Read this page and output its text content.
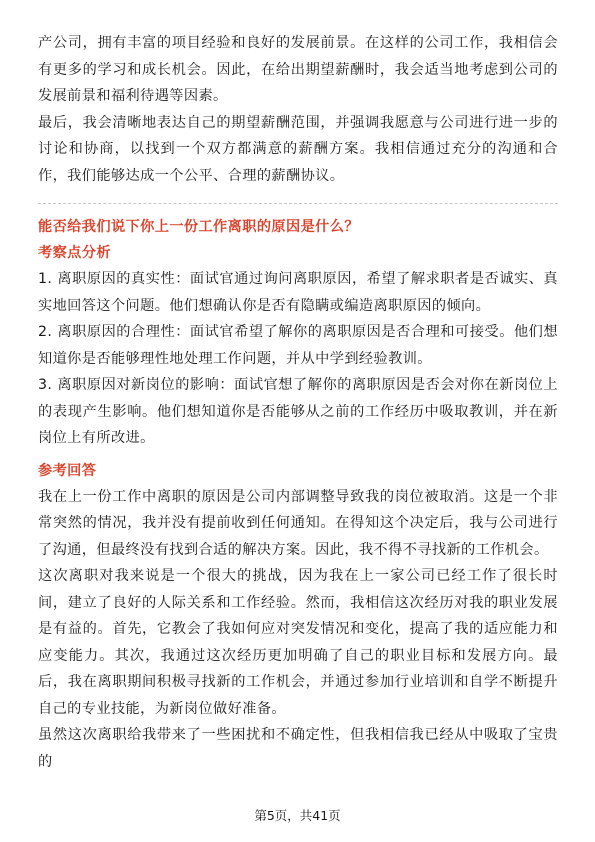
产公司，拥有丰富的项目经验和良好的发展前景。在这样的公司工作，我相信会有更多的学习和成长机会。因此，在给出期望薪酬时，我会适当地考虑到公司的发展前景和福利待遇等因素。

最后，我会清晰地表达自己的期望薪酬范围，并强调我愿意与公司进行进一步的讨论和协商，以找到一个双方都满意的薪酬方案。我相信通过充分的沟通和合作，我们能够达成一个公平、合理的薪酬协议。

能否给我们说下你上一份工作离职的原因是什么？

考察点分析

1. 离职原因的真实性：面试官通过询问离职原因，希望了解求职者是否诚实、真实地回答这个问题。他们想确认你是否有隐瞒或编造离职原因的倾向。

2. 离职原因的合理性：面试官希望了解你的离职原因是否合理和可接受。他们想知道你是否能够理性地处理工作问题，并从中学到经验教训。

3. 离职原因对新岗位的影响：面试官想了解你的离职原因是否会对你在新岗位上的表现产生影响。他们想知道你是否能够从之前的工作经历中吸取教训，并在新岗位上有所改进。

参考回答

我在上一份工作中离职的原因是公司内部调整导致我的岗位被取消。这是一个非常突然的情况，我并没有提前收到任何通知。在得知这个决定后，我与公司进行了沟通，但最终没有找到合适的解决方案。因此，我不得不寻找新的工作机会。

这次离职对我来说是一个很大的挑战，因为我在上一家公司已经工作了很长时间，建立了良好的人际关系和工作经验。然而，我相信这次经历对我的职业发展是有益的。首先，它教会了我如何应对突发情况和变化，提高了我的适应能力和应变能力。其次，我通过这次经历更加明确了自己的职业目标和发展方向。最后，我在离职期间积极寻找新的工作机会，并通过参加行业培训和自学不断提升自己的专业技能，为新岗位做好准备。

虽然这次离职给我带来了一些困扰和不确定性，但我相信我已经从中吸取了宝贵的

第5页，共41页
